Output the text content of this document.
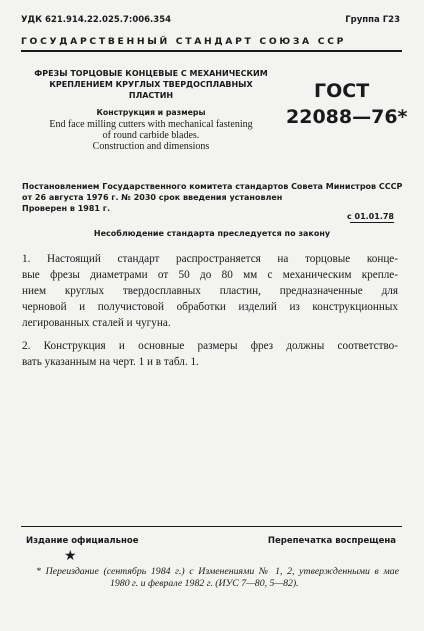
УДК 621.914.22.025.7:006.354	Группа Г23
ГОСУДАРСТВЕННЫЙ СТАНДАРТ СОЮЗА ССР
ФРЕЗЫ ТОРЦОВЫЕ КОНЦЕВЫЕ С МЕХАНИЧЕСКИМ
КРЕПЛЕНИЕМ КРУГЛЫХ ТВЕРДОСПЛАВНЫХ
ПЛАСТИН
Конструкция и размеры
End face milling cutters with mechanical fastening
of round carbide blades.
Construction and dimensions
ГОСТ
22088—76*
Постановлением Государственного комитета стандартов Совета Министров СССР
от 26 августа 1976 г. № 2030 срок введения установлен
Проверен в 1981 г.
с 01.01.78
Несоблюдение стандарта преследуется по закону
1. Настоящий стандарт распространяется на торцовые конце-
вые фрезы диаметрами от 50 до 80 мм с механическим крепле-
нием круглых твердосплавных пластин, предназначенные для
черновой и получистовой обработки изделий из конструкционных
легированных сталей и чугуна.
2. Конструкция и основные размеры фрез должны соответство-
вать указанным на черт. 1 и в табл. 1.
Издание официальное	Перепечатка воспрещена
★
* Переиздание (сентябрь 1984 г.) с Изменениями № 1, 2, утвержденными в мае
1980 г. и феврале 1982 г. (ИУС 7—80, 5—82).
